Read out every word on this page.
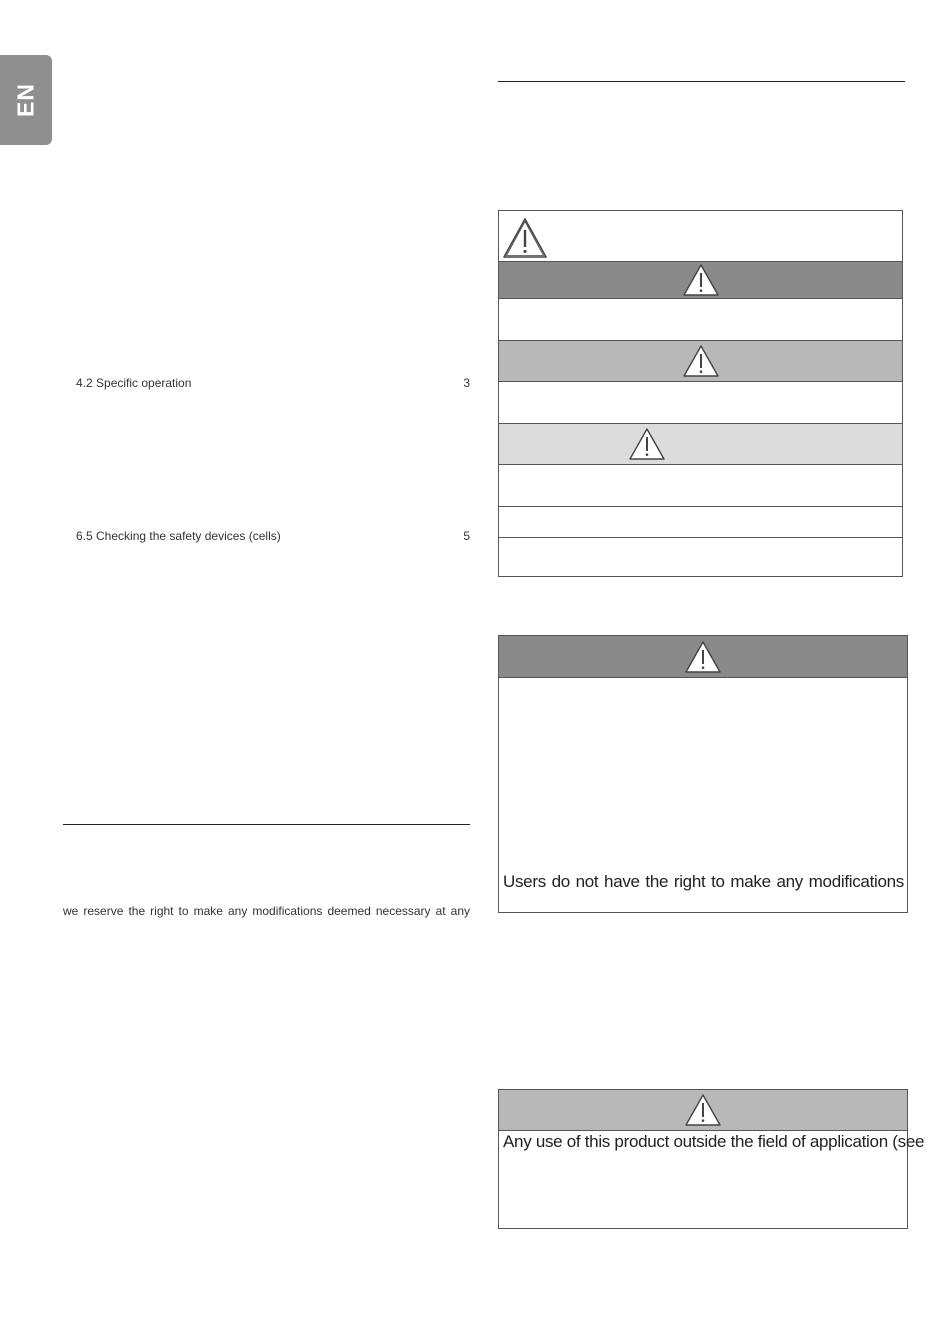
EN
4.2 Specific operation	3
6.5 Checking the safety devices (cells)	5
we reserve the right to make any modifications deemed necessary at any
Users do not have the right to make any modifications
Any use of this product outside the field of application (see
